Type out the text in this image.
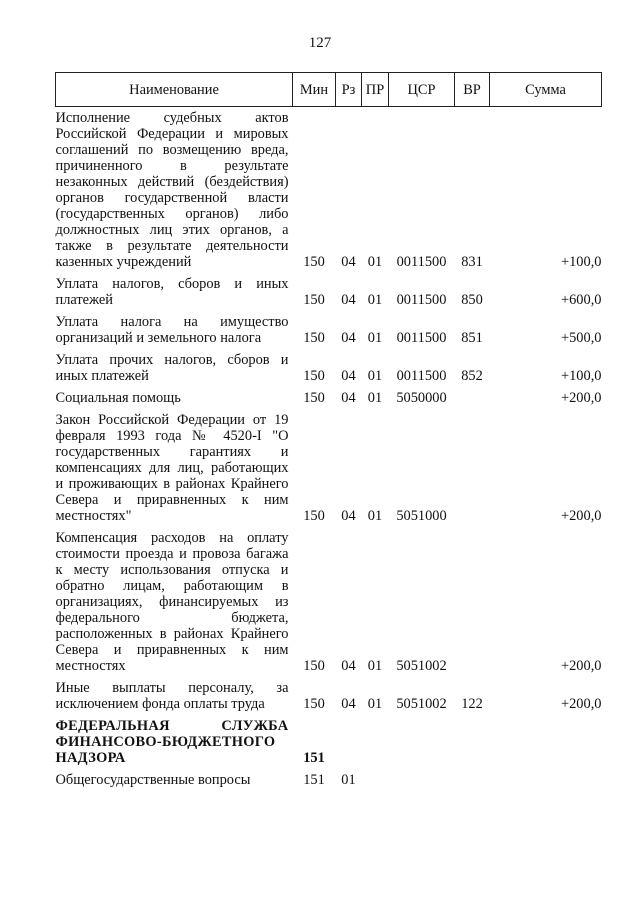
127
Наименование	Мин	Рз	ПР	ЦСР	ВР	Сумма
Исполнение судебных актов Российской Федерации и мировых соглашений по возмещению вреда, причиненного в результате незаконных действий (бездействия) органов государственной власти (государственных органов) либо должностных лиц этих органов, а также в результате деятельности казенных учреждений	150	04	01	0011500	831	+100,0
Уплата налогов, сборов и иных платежей	150	04	01	0011500	850	+600,0
Уплата налога на имущество организаций и земельного налога	150	04	01	0011500	851	+500,0
Уплата прочих налогов, сборов и иных платежей	150	04	01	0011500	852	+100,0
Социальная помощь	150	04	01	5050000		+200,0
Закон Российской Федерации от 19 февраля 1993 года № 4520-I "О государственных гарантиях и компенсациях для лиц, работающих и проживающих в районах Крайнего Севера и приравненных к ним местностях"	150	04	01	5051000		+200,0
Компенсация расходов на оплату стоимости проезда и провоза багажа к месту использования отпуска и обратно лицам, работающим в организациях, финансируемых из федерального бюджета, расположенных в районах Крайнего Севера и приравненных к ним местностях	150	04	01	5051002		+200,0
Иные выплаты персоналу, за исключением фонда оплаты труда	150	04	01	5051002	122	+200,0
ФЕДЕРАЛЬНАЯ СЛУЖБА ФИНАНСОВО-БЮДЖЕТНОГО НАДЗОРА	151					
Общегосударственные вопросы	151	01				
